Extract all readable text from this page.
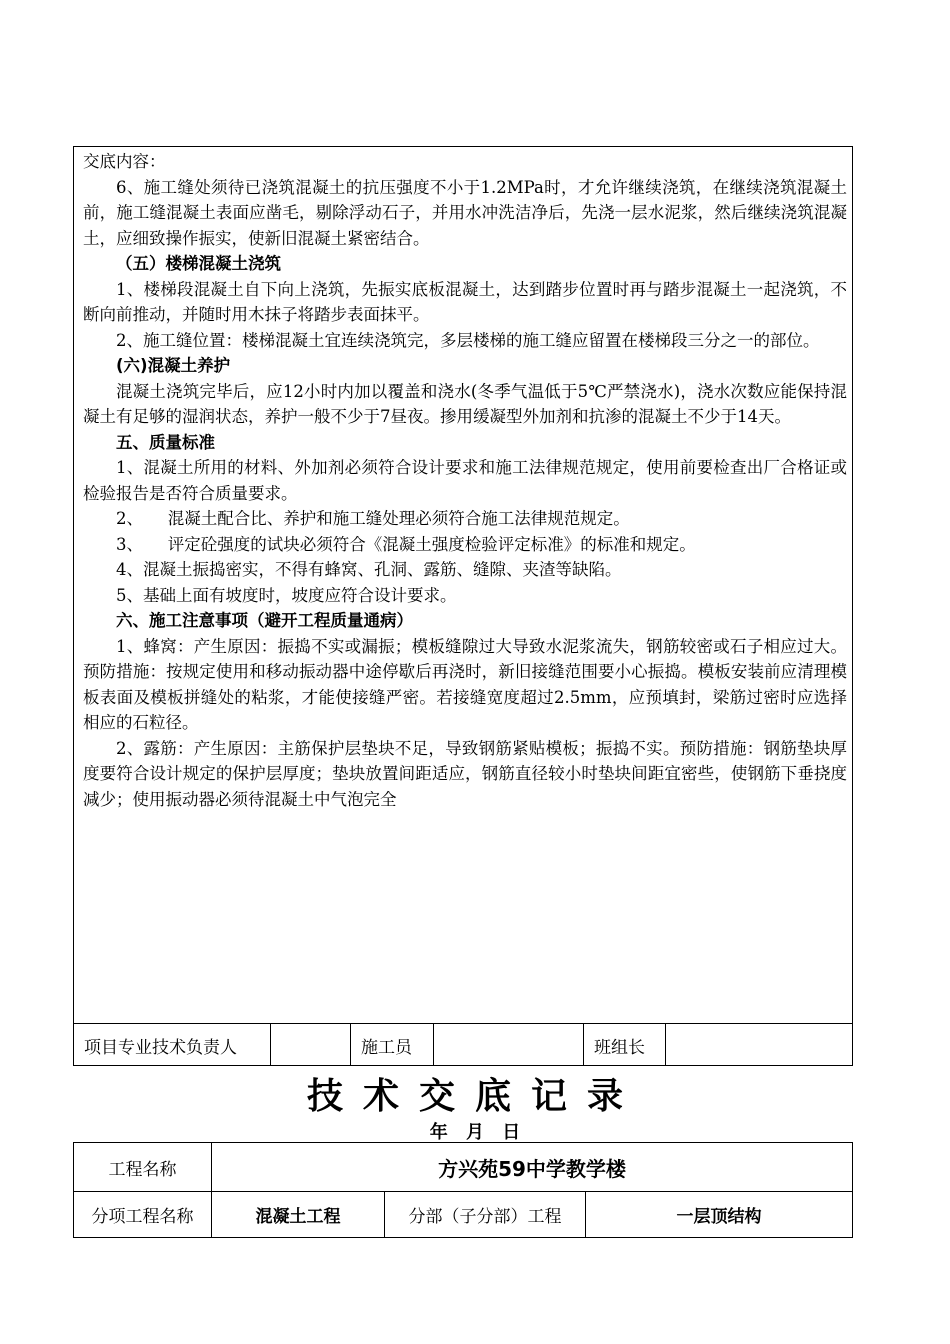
交底内容：

6、施工缝处须待已浇筑混凝土的抗压强度不小于1.2MPa时，才允许继续浇筑，在继续浇筑混凝土前，施工缝混凝土表面应凿毛，剔除浮动石子，并用水冲洗洁净后，先浇一层水泥浆，然后继续浇筑混凝土，应细致操作振实，使新旧混凝土紧密结合。

（五）楼梯混凝土浇筑

1、楼梯段混凝土自下向上浇筑，先振实底板混凝土，达到踏步位置时再与踏步混凝土一起浇筑，不断向前推动，并随时用木抹子将踏步表面抹平。

2、施工缝位置：楼梯混凝土宜连续浇筑完，多层楼梯的施工缝应留置在楼梯段三分之一的部位。

(六)混凝土养护

混凝土浇筑完毕后，应12小时内加以覆盖和浇水(冬季气温低于5℃严禁浇水)，浇水次数应能保持混凝土有足够的湿润状态，养护一般不少于7昼夜。掺用缓凝型外加剂和抗渗的混凝土不少于14天。

五、质量标准

1、混凝土所用的材料、外加剂必须符合设计要求和施工法律规范规定，使用前要检查出厂合格证或检验报告是否符合质量要求。

2、　　混凝土配合比、养护和施工缝处理必须符合施工法律规范规定。

3、　　评定砼强度的试块必须符合《混凝土强度检验评定标准》的标准和规定。

4、混凝土振捣密实，不得有蜂窝、孔洞、露筋、缝隙、夹渣等缺陷。

5、基础上面有坡度时，坡度应符合设计要求。

六、施工注意事项（避开工程质量通病）

1、蜂窝：产生原因：振捣不实或漏振；模板缝隙过大导致水泥浆流失，钢筋较密或石子相应过大。预防措施：按规定使用和移动振动器中途停歇后再浇时，新旧接缝范围要小心振捣。模板安装前应清理模板表面及模板拼缝处的粘浆，才能使接缝严密。若接缝宽度超过2.5mm，应预填封，梁筋过密时应选择相应的石粒径。

2、露筋：产生原因：主筋保护层垫块不足，导致钢筋紧贴模板；振捣不实。预防措施：钢筋垫块厚度要符合设计规定的保护层厚度；垫块放置间距适应，钢筋直径较小时垫块间距宜密些，使钢筋下垂挠度减少；使用振动器必须待混凝土中气泡完全

项目专业技术负责人	施工员	班组长
技术交底记录
年 月 日
工程名称	方兴苑59中学教学楼		
分项工程名称	混凝土工程	分部（子分部）工程	一层顶结构
